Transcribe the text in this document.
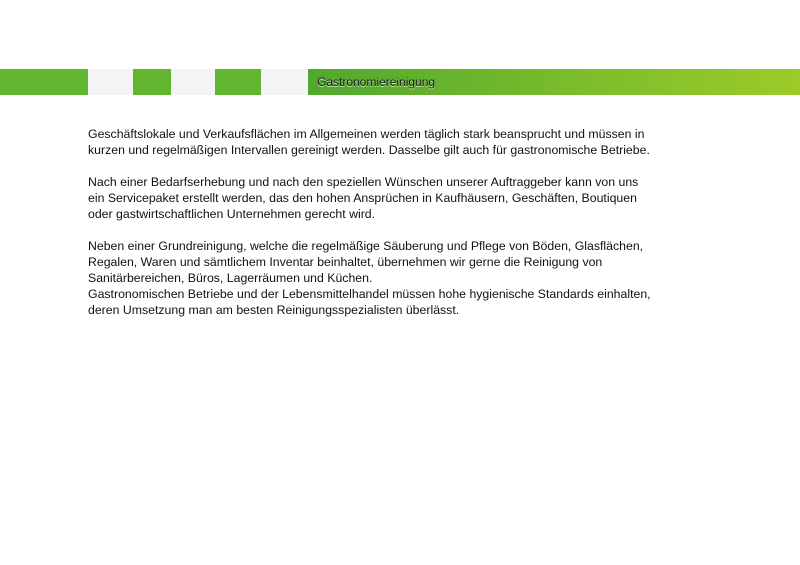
Gastronomiereinigung

Geschäftslokale und Verkaufsflächen im Allgemeinen werden täglich stark beansprucht und müssen in
kurzen und regelmäßigen Intervallen gereinigt werden. Dasselbe gilt auch für gastronomische Betriebe.

Nach einer Bedarfserhebung und nach den speziellen Wünschen unserer Auftraggeber kann von uns
ein Servicepaket erstellt werden, das den hohen Ansprüchen in Kaufhäusern, Geschäften, Boutiquen
oder gastwirtschaftlichen Unternehmen gerecht wird.

Neben einer Grundreinigung, welche die regelmäßige Säuberung und Pflege von Böden, Glasflächen,
Regalen, Waren und sämtlichem Inventar beinhaltet, übernehmen wir gerne die Reinigung von
Sanitärbereichen, Büros, Lagerräumen und Küchen.
Gastronomischen Betriebe und der Lebensmittelhandel müssen hohe hygienische Standards einhalten,
deren Umsetzung man am besten Reinigungsspezialisten überlässt.
